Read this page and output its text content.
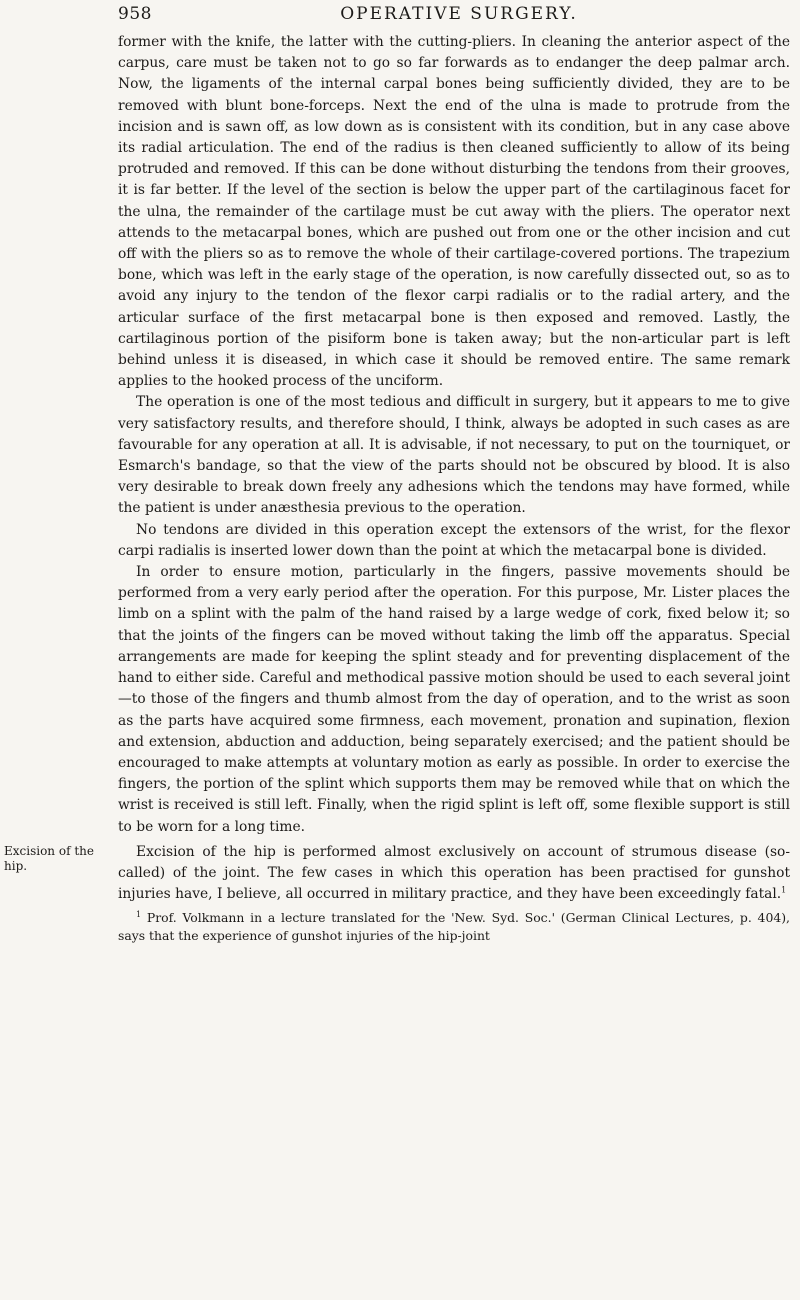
958	OPERATIVE SURGERY.

former with the knife, the latter with the cutting-pliers. In cleaning the anterior aspect of the carpus, care must be taken not to go so far forwards as to endanger the deep palmar arch. Now, the ligaments of the internal carpal bones being sufficiently divided, they are to be removed with blunt bone-forceps. Next the end of the ulna is made to protrude from the incision and is sawn off, as low down as is consistent with its condition, but in any case above its radial articulation. The end of the radius is then cleaned sufficiently to allow of its being protruded and removed. If this can be done without disturbing the tendons from their grooves, it is far better. If the level of the section is below the upper part of the cartilaginous facet for the ulna, the remainder of the cartilage must be cut away with the pliers. The operator next attends to the metacarpal bones, which are pushed out from one or the other incision and cut off with the pliers so as to remove the whole of their cartilage-covered portions. The trapezium bone, which was left in the early stage of the operation, is now carefully dissected out, so as to avoid any injury to the tendon of the flexor carpi radialis or to the radial artery, and the articular surface of the first metacarpal bone is then exposed and removed. Lastly, the cartilaginous portion of the pisiform bone is taken away; but the non-articular part is left behind unless it is diseased, in which case it should be removed entire. The same remark applies to the hooked process of the unciform.

The operation is one of the most tedious and difficult in surgery, but it appears to me to give very satisfactory results, and therefore should, I think, always be adopted in such cases as are favourable for any operation at all. It is advisable, if not necessary, to put on the tourniquet, or Esmarch's bandage, so that the view of the parts should not be obscured by blood. It is also very desirable to break down freely any adhesions which the tendons may have formed, while the patient is under anæsthesia previous to the operation.

No tendons are divided in this operation except the extensors of the wrist, for the flexor carpi radialis is inserted lower down than the point at which the metacarpal bone is divided.

In order to ensure motion, particularly in the fingers, passive movements should be performed from a very early period after the operation. For this purpose, Mr. Lister places the limb on a splint with the palm of the hand raised by a large wedge of cork, fixed below it; so that the joints of the fingers can be moved without taking the limb off the apparatus. Special arrangements are made for keeping the splint steady and for preventing displacement of the hand to either side. Careful and methodical passive motion should be used to each several joint—to those of the fingers and thumb almost from the day of operation, and to the wrist as soon as the parts have acquired some firmness, each movement, pronation and supination, flexion and extension, abduction and adduction, being separately exercised; and the patient should be encouraged to make attempts at voluntary motion as early as possible. In order to exercise the fingers, the portion of the splint which supports them may be removed while that on which the wrist is received is still left. Finally, when the rigid splint is left off, some flexible support is still to be worn for a long time.

Excision of the hip.

Excision of the hip is performed almost exclusively on account of strumous disease (so-called) of the joint. The few cases in which this operation has been practised for gunshot injuries have, I believe, all occurred in military practice, and they have been exceedingly fatal.$^1$

$^1$ Prof. Volkmann in a lecture translated for the 'New. Syd. Soc.' (German Clinical Lectures, p. 404), says that the experience of gunshot injuries of the hip-joint
